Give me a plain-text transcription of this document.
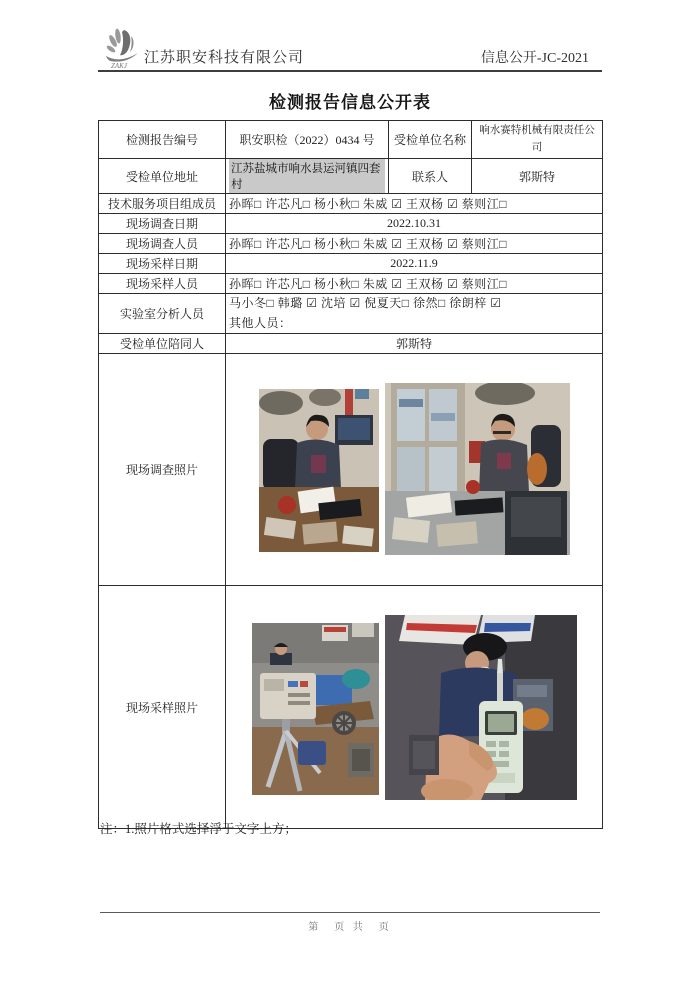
ZAKJ 江苏职安科技有限公司	信息公开-JC-2021
检测报告信息公开表
检测报告编号	职安职检（2022）0434 号	受检单位名称	响水赛特机械有限责任公司
受检单位地址	江苏盐城市响水县运河镇四套村	联系人	郭斯特
技术服务项目组成员	孙晖□ 许芯凡□ 杨小秋□ 朱威 ☑ 王双杨 ☑ 蔡则江□		
现场调查日期	2022.10.31		
现场调查人员	孙晖□ 许芯凡□ 杨小秋□ 朱威 ☑ 王双杨 ☑ 蔡则江□		
现场采样日期	2022.11.9		
现场采样人员	孙晖□ 许芯凡□ 杨小秋□ 朱威 ☑ 王双杨 ☑ 蔡则江□		
实验室分析人员	马小冬□ 韩璐 ☑ 沈培 ☑ 倪夏天□ 徐然□ 徐朗梓 ☑
其他人员：		

受检单位陪同人	郭斯特		
现场调查照片	

现场采样照片	
注：1.照片格式选择浮于文字上方；
第　页 共　页
